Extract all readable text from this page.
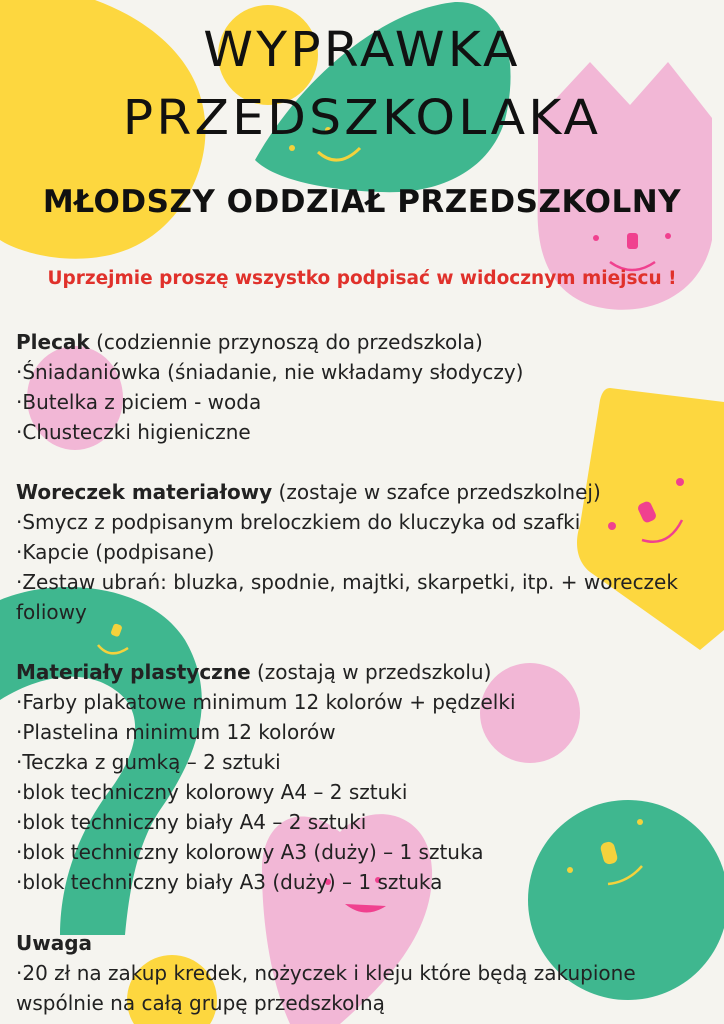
WYPRAWKA
PRZEDSZKOLAKA
MŁODSZY ODDZIAŁ PRZEDSZKOLNY
Uprzejmie proszę wszystko podpisać w widocznym miejscu !
Plecak (codziennie przynoszą do przedszkola)
·Śniadaniówka (śniadanie, nie wkładamy słodyczy)
·Butelka z piciem - woda
·Chusteczki higieniczne
Woreczek materiałowy (zostaje w szafce przedszkolnej)
·Smycz z podpisanym breloczkiem do kluczyka od szafki
·Kapcie (podpisane)
·Zestaw ubrań: bluzka, spodnie, majtki, skarpetki, itp. + woreczek foliowy
Materiały plastyczne (zostają w przedszkolu)
·Farby plakatowe minimum 12 kolorów + pędzelki
·Plastelina minimum 12 kolorów
·Teczka z gumką – 2 sztuki
·blok techniczny kolorowy A4 – 2 sztuki
·blok techniczny biały A4 – 2 sztuki
·blok techniczny kolorowy A3 (duży) – 1 sztuka
·blok techniczny biały A3 (duży) – 1 sztuka
Uwaga
·20 zł na zakup kredek, nożyczek i kleju które będą zakupione wspólnie na całą grupę przedszkolną
